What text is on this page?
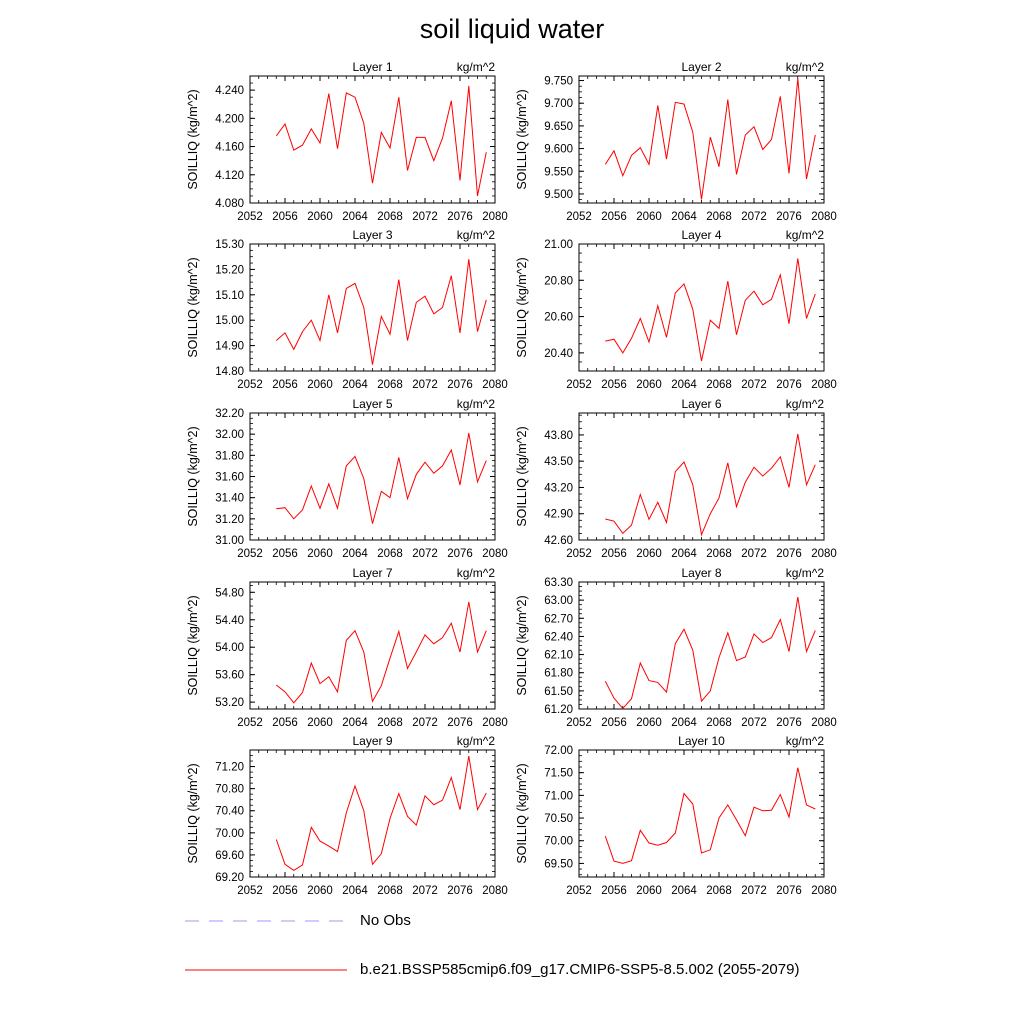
soil liquid water
2052 2056 2060 2064 2068 2072 2076 2080
4.080
4.120
4.160
4.200
4.240
Layer 1	kg/m^2
SOILLIQ (kg/m^2)
2052 2056 2060 2064 2068 2072 2076 2080
9.500
9.550
9.600
9.650
9.700
9.750
Layer 2	kg/m^2
SOILLIQ (kg/m^2)
2052 2056 2060 2064 2068 2072 2076 2080
14.80
14.90
15.00
15.10
15.20
15.30
Layer 3	kg/m^2
SOILLIQ (kg/m^2)
2052 2056 2060 2064 2068 2072 2076 2080
20.40
20.60
20.80
21.00
Layer 4	kg/m^2
SOILLIQ (kg/m^2)
2052 2056 2060 2064 2068 2072 2076 2080
31.00
31.20
31.40
31.60
31.80
32.00
32.20
Layer 5	kg/m^2
SOILLIQ (kg/m^2)
2052 2056 2060 2064 2068 2072 2076 2080
42.60
42.90
43.20
43.50
43.80
Layer 6	kg/m^2
SOILLIQ (kg/m^2)
2052 2056 2060 2064 2068 2072 2076 2080
53.20
53.60
54.00
54.40
54.80
Layer 7	kg/m^2
SOILLIQ (kg/m^2)
2052 2056 2060 2064 2068 2072 2076 2080
61.20
61.50
61.80
62.10
62.40
62.70
63.00
63.30
Layer 8	kg/m^2
SOILLIQ (kg/m^2)
2052 2056 2060 2064 2068 2072 2076 2080
69.20
69.60
70.00
70.40
70.80
71.20
Layer 9	kg/m^2
SOILLIQ (kg/m^2)
2052 2056 2060 2064 2068 2072 2076 2080
69.50
70.00
70.50
71.00
71.50
72.00
Layer 10	kg/m^2
SOILLIQ (kg/m^2)
No Obs
b.e21.BSSP585cmip6.f09_g17.CMIP6-SSP5-8.5.002 (2055-2079)
